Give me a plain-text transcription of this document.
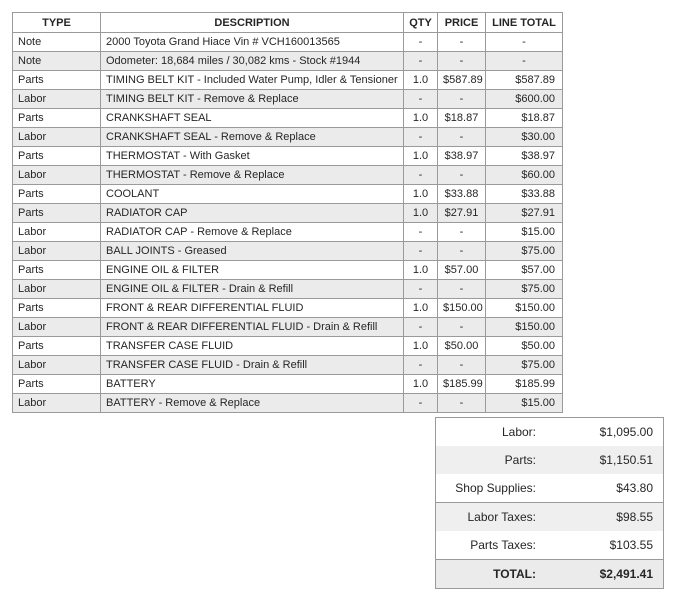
TYPE	DESCRIPTION	QTY	PRICE	LINE TOTAL
Note	2000 Toyota Grand Hiace Vin # VCH160013565	-	-	-
Note	Odometer: 18,684 miles / 30,082 kms - Stock #1944	-	-	-
Parts	TIMING BELT KIT - Included Water Pump, Idler & Tensioner	1.0	$587.89	$587.89
Labor	TIMING BELT KIT - Remove & Replace	-	-	$600.00
Parts	CRANKSHAFT SEAL	1.0	$18.87	$18.87
Labor	CRANKSHAFT SEAL - Remove & Replace	-	-	$30.00
Parts	THERMOSTAT - With Gasket	1.0	$38.97	$38.97
Labor	THERMOSTAT - Remove & Replace	-	-	$60.00
Parts	COOLANT	1.0	$33.88	$33.88
Parts	RADIATOR CAP	1.0	$27.91	$27.91
Labor	RADIATOR CAP - Remove & Replace	-	-	$15.00
Labor	BALL JOINTS - Greased	-	-	$75.00
Parts	ENGINE OIL & FILTER	1.0	$57.00	$57.00
Labor	ENGINE OIL & FILTER - Drain & Refill	-	-	$75.00
Parts	FRONT & REAR DIFFERENTIAL FLUID	1.0	$150.00	$150.00
Labor	FRONT & REAR DIFFERENTIAL FLUID - Drain & Refill	-	-	$150.00
Parts	TRANSFER CASE FLUID	1.0	$50.00	$50.00
Labor	TRANSFER CASE FLUID - Drain & Refill	-	-	$75.00
Parts	BATTERY	1.0	$185.99	$185.99
Labor	BATTERY - Remove & Replace	-	-	$15.00
Labor:	$1,095.00
Parts:	$1,150.51
Shop Supplies:	$43.80
Labor Taxes:	$98.55
Parts Taxes:	$103.55
TOTAL:	$2,491.41
